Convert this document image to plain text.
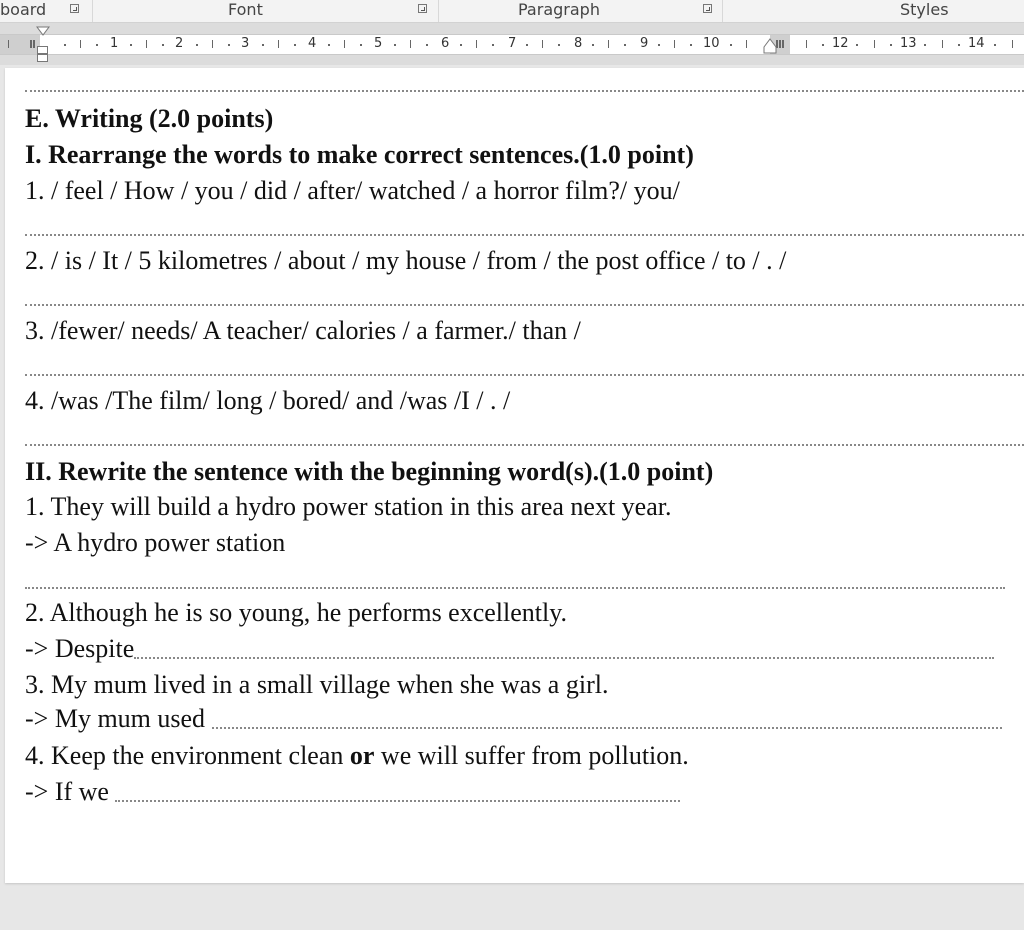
board	Font	Paragraph	Styles
1	2	3	4	5	6	7	8	9	10	12	13	14
E. Writing (2.0 points)
I. Rearrange the words to make correct sentences.(1.0 point)
1. / feel / How / you / did / after/ watched / a horror film?/ you/
2. / is / It / 5 kilometres / about / my house / from / the post office / to / . /
3. /fewer/ needs/ A teacher/ calories / a farmer./ than /
4. /was /The film/ long / bored/ and /was /I / . /
II. Rewrite the sentence with the beginning word(s).(1.0 point)
1. They will build a hydro power station in this area next year.
-> A hydro power station
2. Although he is so young, he performs excellently.
-> Despite
3. My mum lived in a small village when she was a girl.
-> My mum used
4. Keep the environment clean or we will suffer from pollution.
-> If we
